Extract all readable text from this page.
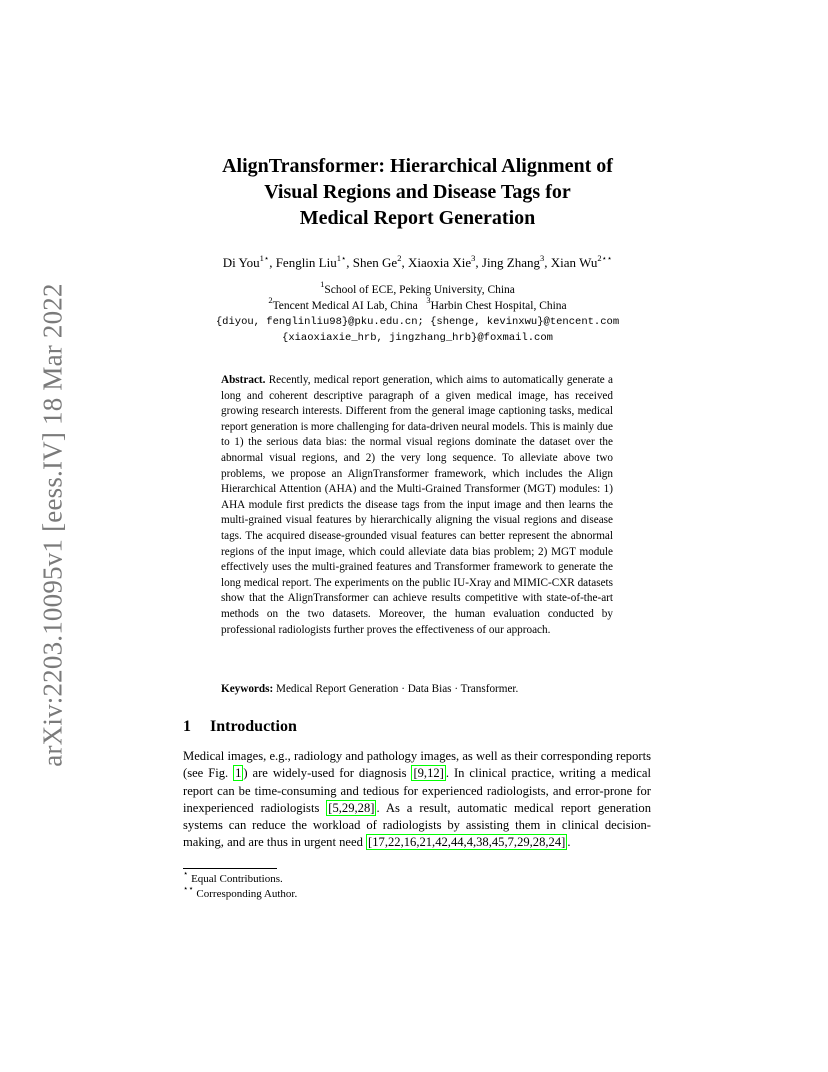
arXiv:2203.10095v1 [eess.IV] 18 Mar 2022
AlignTransformer: Hierarchical Alignment of
Visual Regions and Disease Tags for
Medical Report Generation
Di You$^{1⋆}$, Fenglin Liu$^{1⋆}$, Shen Ge$^2$, Xiaoxia Xie$^3$, Jing Zhang$^3$, Xian $Wu^{2⋆⋆}$
$^1$School of ECE, Peking University, China
$^2$Tencent Medical AI Lab, China $^3$Harbin Chest Hospital, China
{diyou, fenglinliu98}@pku.edu.cn; {shenge, kevinxwu}@tencent.com
{xiaoxiaxie_hrb, jingzhang_hrb}@foxmail.com
Abstract. Recently, medical report generation, which aims to automatically generate a long and coherent descriptive paragraph of a given medical image, has received growing research interests. Different from the general image captioning tasks, medical report generation is more challenging for data-driven neural models. This is mainly due to 1) the serious data bias: the normal visual regions dominate the dataset over the abnormal visual regions, and 2) the very long sequence. To alleviate above two problems, we propose an AlignTransformer framework, which includes the Align Hierarchical Attention (AHA) and the Multi-Grained Transformer (MGT) modules: 1) AHA module first predicts the disease tags from the input image and then learns the multi-grained visual features by hierarchically aligning the visual regions and disease tags. The acquired disease-grounded visual features can better represent the abnormal regions of the input image, which could alleviate data bias problem; 2) MGT module effectively uses the multi-grained features and Transformer framework to generate the long medical report. The experiments on the public IU-Xray and MIMIC-CXR datasets show that the AlignTransformer can achieve results competitive with state-of-the-art methods on the two datasets. Moreover, the human evaluation conducted by professional radiologists further proves the effectiveness of our approach.
Keywords: Medical Report Generation · Data Bias · Transformer.
1 Introduction
Medical images, e.g., radiology and pathology images, as well as their corresponding reports (see Fig. 1 ) are widely-used for diagnosis [9,12] . In clinical practice, writing a medical report can be time-consuming and tedious for experienced radiologists, and error-prone for inexperienced radiologists [5,29,28] . As a result, automatic medical report generation systems can reduce the workload of radiologists by assisting them in clinical decision-making, and are thus in urgent need [17,22,16,21,42,44,4,38,45,7,29,28,24] .
⋆ Equal Contributions.
⋆⋆ Corresponding Author.
